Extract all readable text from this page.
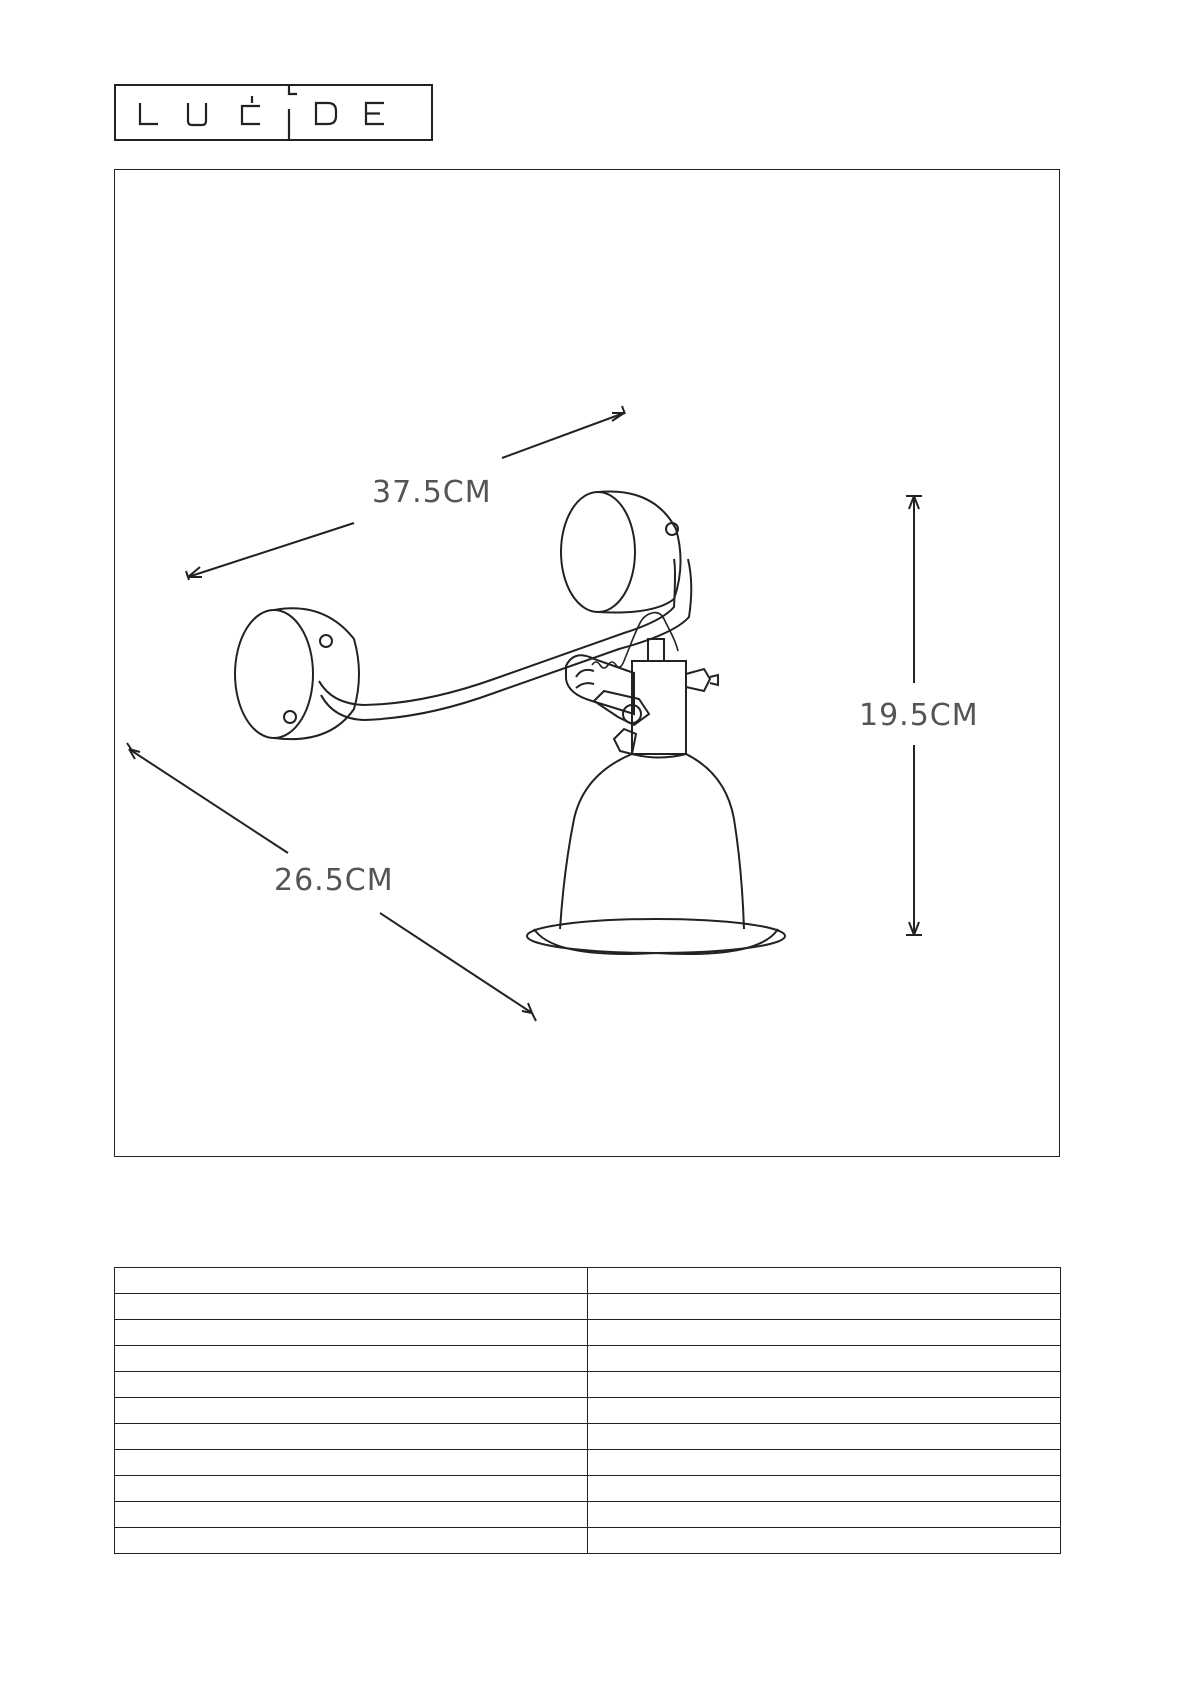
37.5CM
19.5CM
26.5CM
